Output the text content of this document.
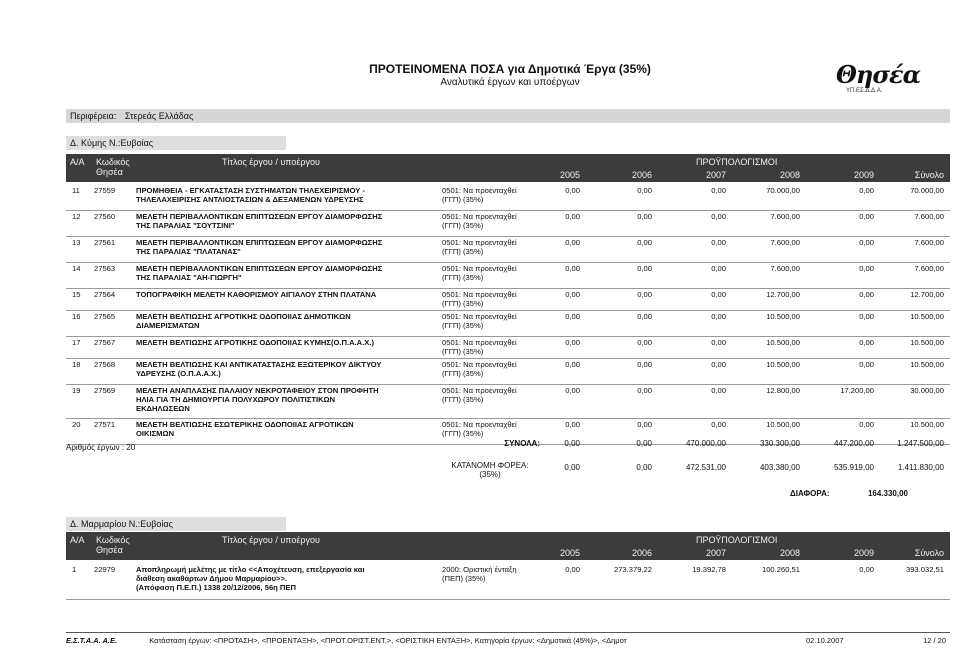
ΠΡΟΤΕΙΝΟΜΕΝΑ ΠΟΣΑ για Δημοτικά Έργα (35%)
Αναλυτικά έργων και υποέργων	Θησέα
ΥΠ.ΕΣ.Δ.Δ.Α.
Περιφέρεια: Στερεάς Ελλάδας
Δ. Κύμης Ν.:Ευβοίας
Α/Α Κωδικός Θησέα
Τίτλος έργου / υποέργου	ΠΡΟΫΠΟΛΟΓΙΣΜΟΙ
2005	2006	2007	2008	2009	Σύνολο
11 27559	ΠΡΟΜΗΘΕΙΑ - ΕΓΚΑΤΑΣΤΑΣΗ ΣΥΣΤΗΜΑΤΩΝ ΤΗΛΕΧΕΙΡΙΣΜΟΥ -
ΤΗΛΕΛΑΧΕΙΡΙΣΗΣ ΑΝΤΛΙΟΣΤΑΣΙΩΝ & ΔΕΞΑΜΕΝΩΝ ΥΔΡΕΥΣΗΣ
0501: Να προενταχθεί
(ΓΓΠ) (35%)
0,00	0,00	0,00	70.000,00	0,00	70.000,00
12 27560	ΜΕΛΕΤΗ ΠΕΡΙΒΑΛΛΟΝΤΙΚΩΝ ΕΠΙΠΤΩΣΕΩΝ ΕΡΓΟΥ ΔΙΑΜΟΡΦΩΣΗΣ
ΤΗΣ ΠΑΡΑΛΙΑΣ "ΣΟΥΤΣΙΝΙ"
0501: Να προενταχθεί
(ΓΓΠ) (35%)
0,00	0,00	0,00	7.600,00	0,00	7.600,00
13 27561	ΜΕΛΕΤΗ ΠΕΡΙΒΑΛΛΟΝΤΙΚΩΝ ΕΠΙΠΤΩΣΕΩΝ ΕΡΓΟΥ ΔΙΑΜΟΡΦΩΣΗΣ
ΤΗΣ ΠΑΡΑΛΙΑΣ "ΠΛΑΤΑΝΑΣ"
0501: Να προενταχθεί
(ΓΓΠ) (35%)
0,00	0,00	0,00	7.600,00	0,00	7.600,00
14 27563	ΜΕΛΕΤΗ ΠΕΡΙΒΑΛΛΟΝΤΙΚΩΝ ΕΠΙΠΤΩΣΕΩΝ ΕΡΓΟΥ ΔΙΑΜΟΡΦΩΣΗΣ
ΤΗΣ ΠΑΡΑΛΙΑΣ "ΑΗ-ΓΙΩΡΓΗ"
0501: Να προενταχθεί
(ΓΓΠ) (35%)
0,00	0,00	0,00	7.600,00	0,00	7.600,00
15 27564	ΤΟΠΟΓΡΑΦΙΚΗ ΜΕΛΕΤΗ ΚΑΘΟΡΙΣΜΟΥ ΑΙΓΙΑΛΟΥ ΣΤΗΝ ΠΛΑΤΑΝΑ	0501: Να προενταχθεί
(ΓΓΠ) (35%)
0,00	0,00	0,00	12.700,00	0,00	12.700,00
16 27565	ΜΕΛΕΤΗ ΒΕΛΤΙΩΣΗΣ ΑΓΡΟΤΙΚΗΣ ΟΔΟΠΟΙΙΑΣ ΔΗΜΟΤΙΚΩΝ
ΔΙΑΜΕΡΙΣΜΑΤΩΝ
0501: Να προενταχθεί
(ΓΓΠ) (35%)
0,00	0,00	0,00	10.500,00	0,00	10.500,00
17 27567	ΜΕΛΕΤΗ ΒΕΛΤΙΩΣΗΣ ΑΓΡΟΤΙΚΗΣ ΟΔΟΠΟΙΙΑΣ ΚΥΜΗΣ(Ο.Π.Α.Α.Χ.)	0501: Να προενταχθεί
(ΓΓΠ) (35%)
0,00	0,00	0,00	10.500,00	0,00	10.500,00
18 27568	ΜΕΛΕΤΗ ΒΕΛΤΙΩΣΗΣ ΚΑΙ ΑΝΤΙΚΑΤΑΣΤΑΣΗΣ ΕΞΩΤΕΡΙΚΟΥ ΔΙΚΤΥΟΥ
ΥΔΡΕΥΣΗΣ (Ο.Π.Α.Α.Χ.)
0501: Να προενταχθεί
(ΓΓΠ) (35%)
0,00	0,00	0,00	10.500,00	0,00	10.500,00
19 27569	ΜΕΛΕΤΗ ΑΝΑΠΛΑΣΗΣ ΠΑΛΑΙΟΥ ΝΕΚΡΟΤΑΦΕΙΟΥ ΣΤΟΝ ΠΡΟΦΗΤΗ
ΗΛΙΑ ΓΙΑ ΤΗ ΔΗΜΙΟΥΡΓΙΑ ΠΟΛΥΧΩΡΟΥ ΠΟΛΙΤΙΣΤΙΚΩΝ
ΕΚΔΗΛΩΣΕΩΝ
0501: Να προενταχθεί
(ΓΓΠ) (35%)
0,00	0,00	0,00	12.800,00	17.200,00	30.000,00
20 27571	ΜΕΛΕΤΗ ΒΕΛΤΙΩΣΗΣ ΕΣΩΤΕΡΙΚΗΣ ΟΔΟΠΟΙΙΑΣ ΑΓΡΟΤΙΚΩΝ
ΟΙΚΙΣΜΩΝ
0501: Να προενταχθεί
(ΓΓΠ) (35%)
0,00	0,00	0,00	10.500,00	0,00	10.500,00
Αριθμός έργων : 20	ΣΥΝΟΛΑ:	0,00	0,00	470.000,00	330.300,00	447.200,00	1.247.500,00
ΚΑΤΑΝΟΜΗ ΦΟΡΕΑ:
(35%)
0,00	0,00	472.531,00	403.380,00	535.919,00	1.411.830,00
ΔΙΑΦΟΡΑ:	164.330,00
Δ. Μαρμαρίου Ν.:Ευβοίας
Α/Α Κωδικός Θησέα
Τίτλος έργου / υποέργου	ΠΡΟΫΠΟΛΟΓΙΣΜΟΙ
2005	2006	2007	2008	2009	Σύνολο
1 22979	Αποπληρωμή μελέτης με τίτλο <<Αποχέτευση, επεξεργασία και
διάθεση ακαθάρτων Δήμου Μαρμαρίου>>.
(Απόφαση Π.Ε.Π.) 1338 20/12/2006, 56η ΠΕΠ
2000: Οριστική ένταξη
(ΠΕΠ) (35%)
0,00	273.379,22	19.392,78	100.260,51	0,00	393.032,51
Ε.Σ.Τ.Α.Α. Α.Ε.	Κατάσταση έργων: <ΠΡΟΤΑΣΗ>, <ΠΡΟΕΝΤΑΞΗ>, <ΠΡΟΤ.ΟΡΙΣΤ.ΕΝΤ.>, <ΟΡΙΣΤΙΚΗ ΕΝΤΑΞΗ>, Κατηγορία έργων: <Δημοτικά (45%)>, <Δημοτ	02.10.2007	12 / 20
